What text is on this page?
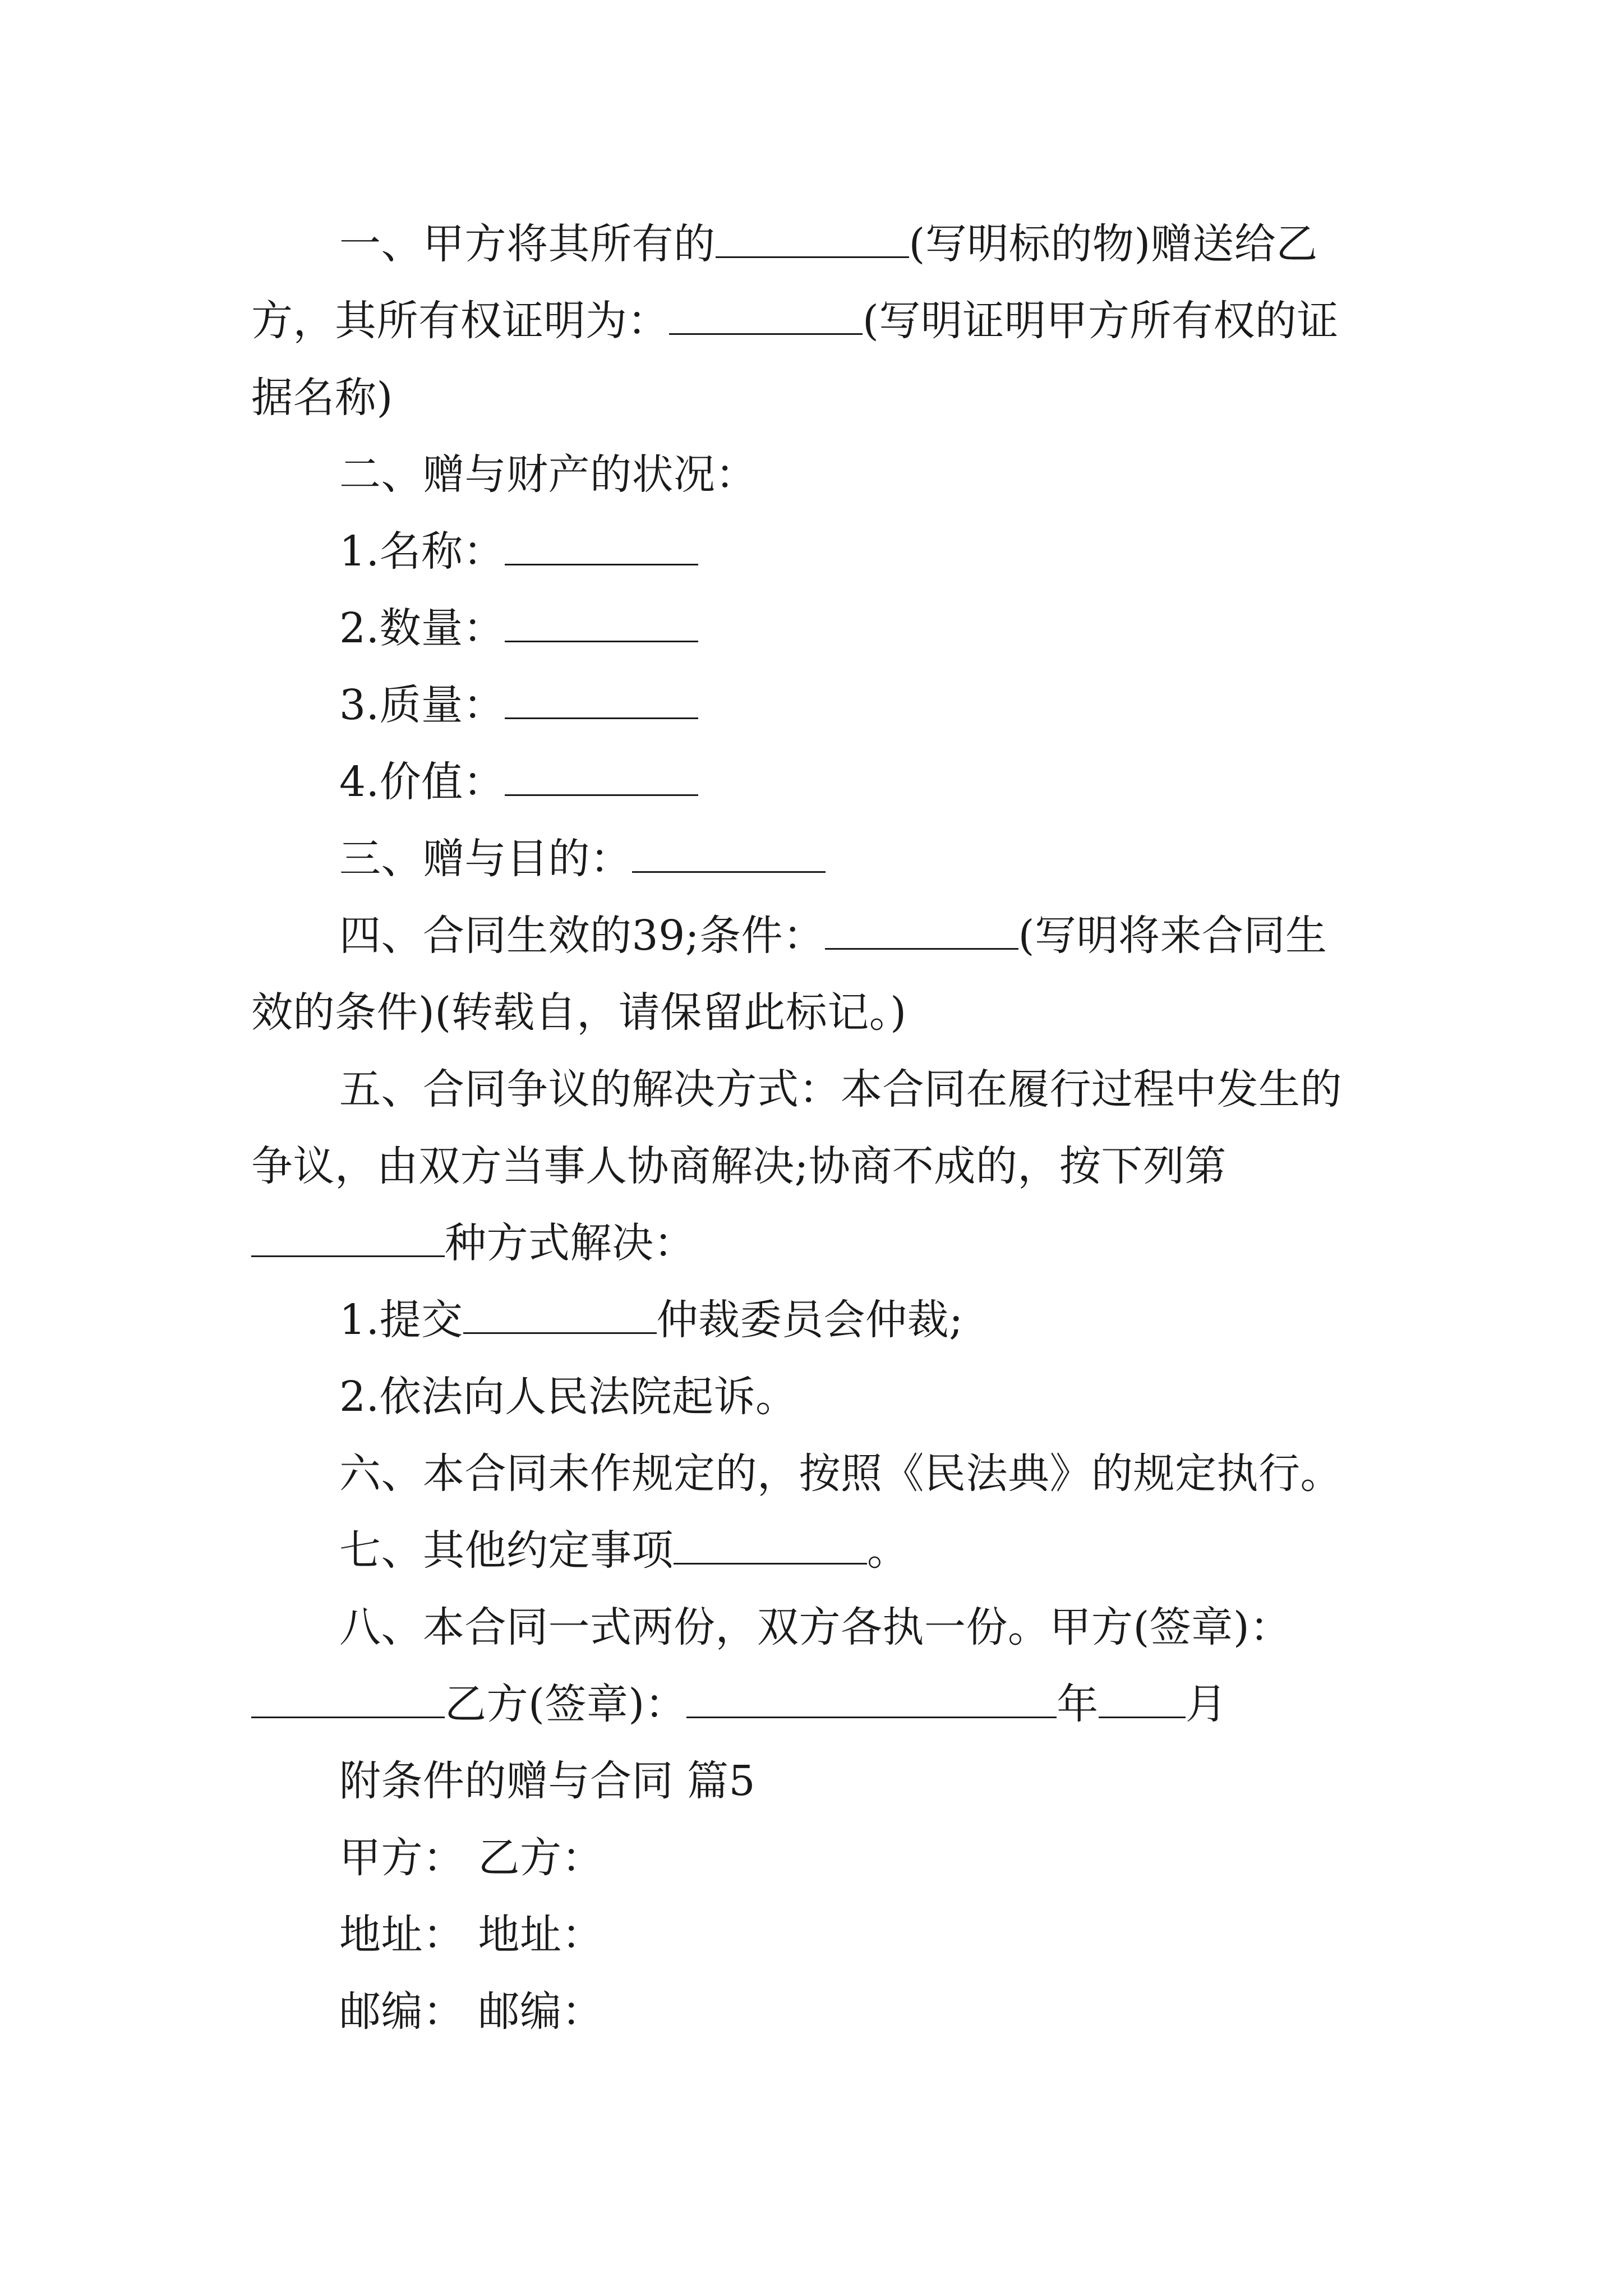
一、甲方将其所有的	(写明标的物)赠送给乙
方，其所有权证明为：	(写明证明甲方所有权的证
据名称)
二、赠与财产的状况：
1.名称：
2.数量：
3.质量：
4.价值：
三、赠与目的：
四、合同生效的39;条件：	(写明将来合同生
效的条件)(转载自，请保留此标记。)
五、合同争议的解决方式：本合同在履行过程中发生的
争议，由双方当事人协商解决;协商不成的，按下列第
种方式解决：
1.提交	仲裁委员会仲裁;
2.依法向人民法院起诉。
六、本合同未作规定的，按照《民法典》的规定执行。
七、其他约定事项	。
八、本合同一式两份，双方各执一份。甲方(签章)：
乙方(签章)：	年 月
附条件的赠与合同 篇5
甲方： 乙方：
地址： 地址：
邮编： 邮编：
